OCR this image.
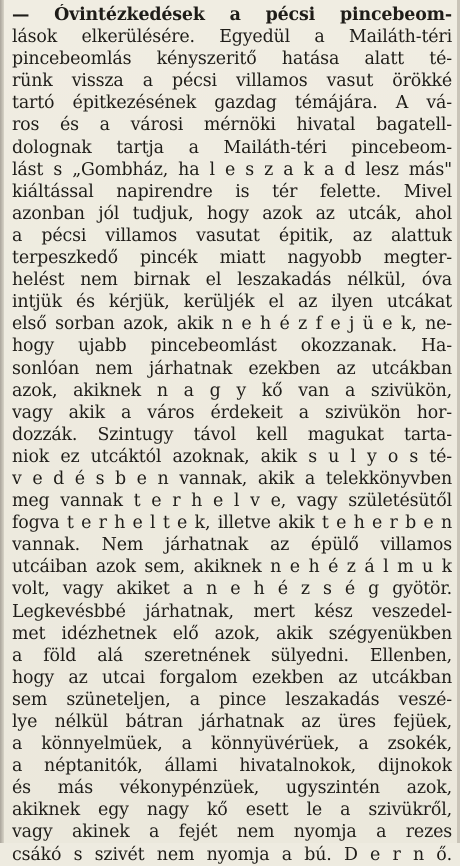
— Óvintézkedések a pécsi pincebeom-
lások elkerülésére. Egyedül a Mailáth-téri
pincebeomlás kényszeritő hatása alatt té-
rünk vissza a pécsi villamos vasut örökké
tartó épitkezésének gazdag témájára. A vá-
ros és a városi mérnöki hivatal bagatell-
dolognak tartja a Mailáth-téri pincebeom-
lást s „Gombház, ha l e s z a k a d lesz más"
kiáltással napirendre is tér felette. Mivel
azonban jól tudjuk, hogy azok az utcák, ahol
a pécsi villamos vasutat épitik, az alattuk
terpeszkedő pincék miatt nagyobb megter-
helést nem birnak el leszakadás nélkül, óva
intjük és kérjük, kerüljék el az ilyen utcákat
első sorban azok, akik n e h é z f e j ü e k, ne-
hogy ujabb pincebeomlást okozzanak. Ha-
sonlóan nem járhatnak ezekben az utcákban
azok, akiknek n a g y kő van a szivükön,
vagy akik a város érdekeit a szivükön hor-
dozzák. Szintugy távol kell magukat tarta-
niok ez utcáktól azoknak, akik s u l y o s té-
v e d é s b e n vannak, akik a telekkönyvben
meg vannak t e r h e l v e, vagy születésütől
fogva t e r h e l t e k, illetve akik t e h e r b e n
vannak. Nem járhatnak az épülő villamos
utcáiban azok sem, akiknek n e h é z á l m u k
volt, vagy akiket a n e h é z s é g gyötör.
Legkevésbbé járhatnak, mert kész veszedel-
met idézhetnek elő azok, akik szégyenükben
a föld alá szeretnének sülyedni. Ellenben,
hogy az utcai forgalom ezekben az utcákban
sem szüneteljen, a pince leszakadás veszé-
lye nélkül bátran járhatnak az üres fejüek,
a könnyelmüek, a könnyüvérüek, a zsokék,
a néptanitók, állami hivatalnokok, dijnokok
és más vékonypénzüek, ugyszintén azok,
akiknek egy nagy kő esett le a szivükről,
vagy akinek a fejét nem nyomja a rezes
csákó s szivét nem nyomja a bú. D e r n ő.
